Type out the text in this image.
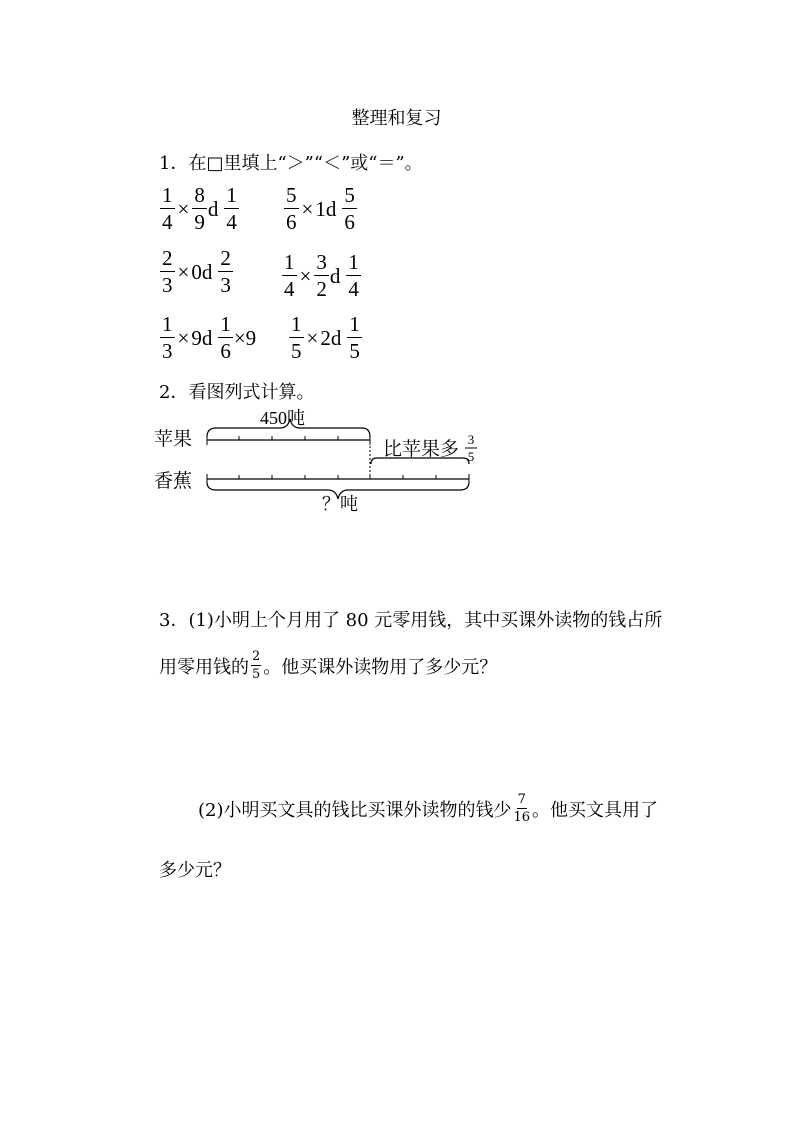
整理和复习
1．在□里填上“＞”“＜”或“＝”。
$\frac{1}{4} \times \frac{8}{9}$ d $\frac{1}{4} \frac{5}{6} \times 1$ d $\frac{5}{6}$
$\frac{2}{3} \times 0$ d $\frac{2}{3} \frac{1}{4} \times \frac{3}{2}$ d $\frac{1}{4}$
$\frac{1}{3} \times 9$ d $\frac{1}{6} \times 9 \frac{1}{5} \times 2$ d $\frac{1}{5}$
2．看图列式计算。
苹果
香蕉
450吨
比苹果多 3
5
？吨
3．(1)小明上个月用了 80 元零用钱，其中买课外读物的钱占所
用零用钱的 $\frac{2}{5}$ 。他买课外读物用了多少元？
(2)小明买文具的钱比买课外读物的钱少 $\frac{7}{16}$ 。他买文具用了
多少元？
